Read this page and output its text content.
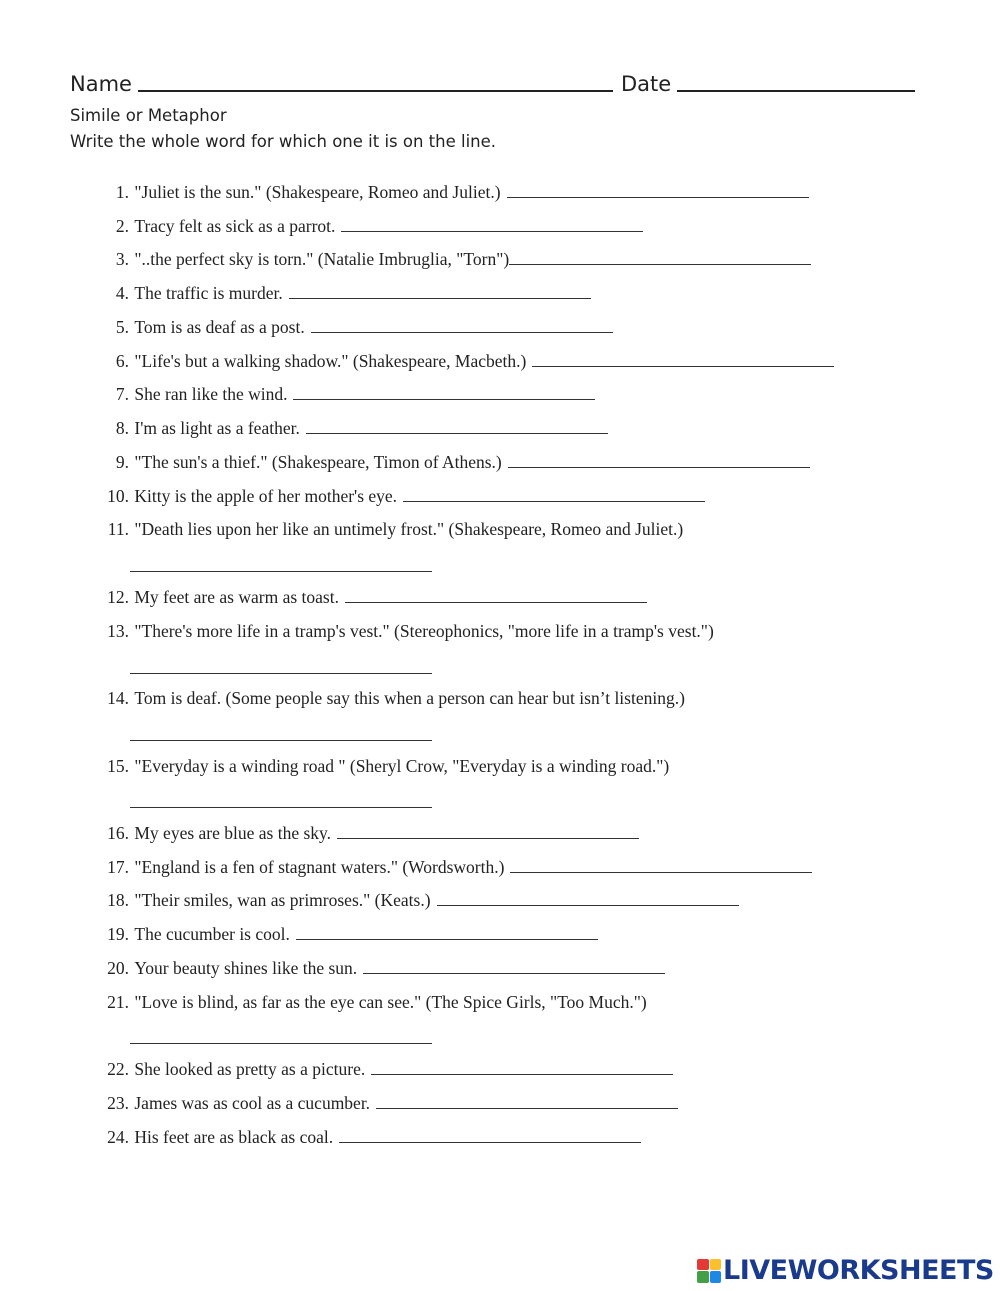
Name	Date
Simile or Metaphor
Write the whole word for which one it is on the line.
1. "Juliet is the sun." (Shakespeare, Romeo and Juliet.)
2. Tracy felt as sick as a parrot.
3. "..the perfect sky is torn." (Natalie Imbruglia, "Torn")
4. The traffic is murder.
5. Tom is as deaf as a post.
6. "Life's but a walking shadow." (Shakespeare, Macbeth.)
7. She ran like the wind.
8. I'm as light as a feather.
9. "The sun's a thief." (Shakespeare, Timon of Athens.)
10. Kitty is the apple of her mother's eye.
11. "Death lies upon her like an untimely frost." (Shakespeare, Romeo and Juliet.)
12. My feet are as warm as toast.
13. "There's more life in a tramp's vest." (Stereophonics, "more life in a tramp's vest.")
14. Tom is deaf. (Some people say this when a person can hear but isn’t listening.)
15. "Everyday is a winding road " (Sheryl Crow, "Everyday is a winding road.")
16. My eyes are blue as the sky.
17. "England is a fen of stagnant waters." (Wordsworth.)
18. "Their smiles, wan as primroses." (Keats.)
19. The cucumber is cool.
20. Your beauty shines like the sun.
21. "Love is blind, as far as the eye can see." (The Spice Girls, "Too Much.")
22. She looked as pretty as a picture.
23. James was as cool as a cucumber.
24. His feet are as black as coal.
LIVEWORKSHEETS
